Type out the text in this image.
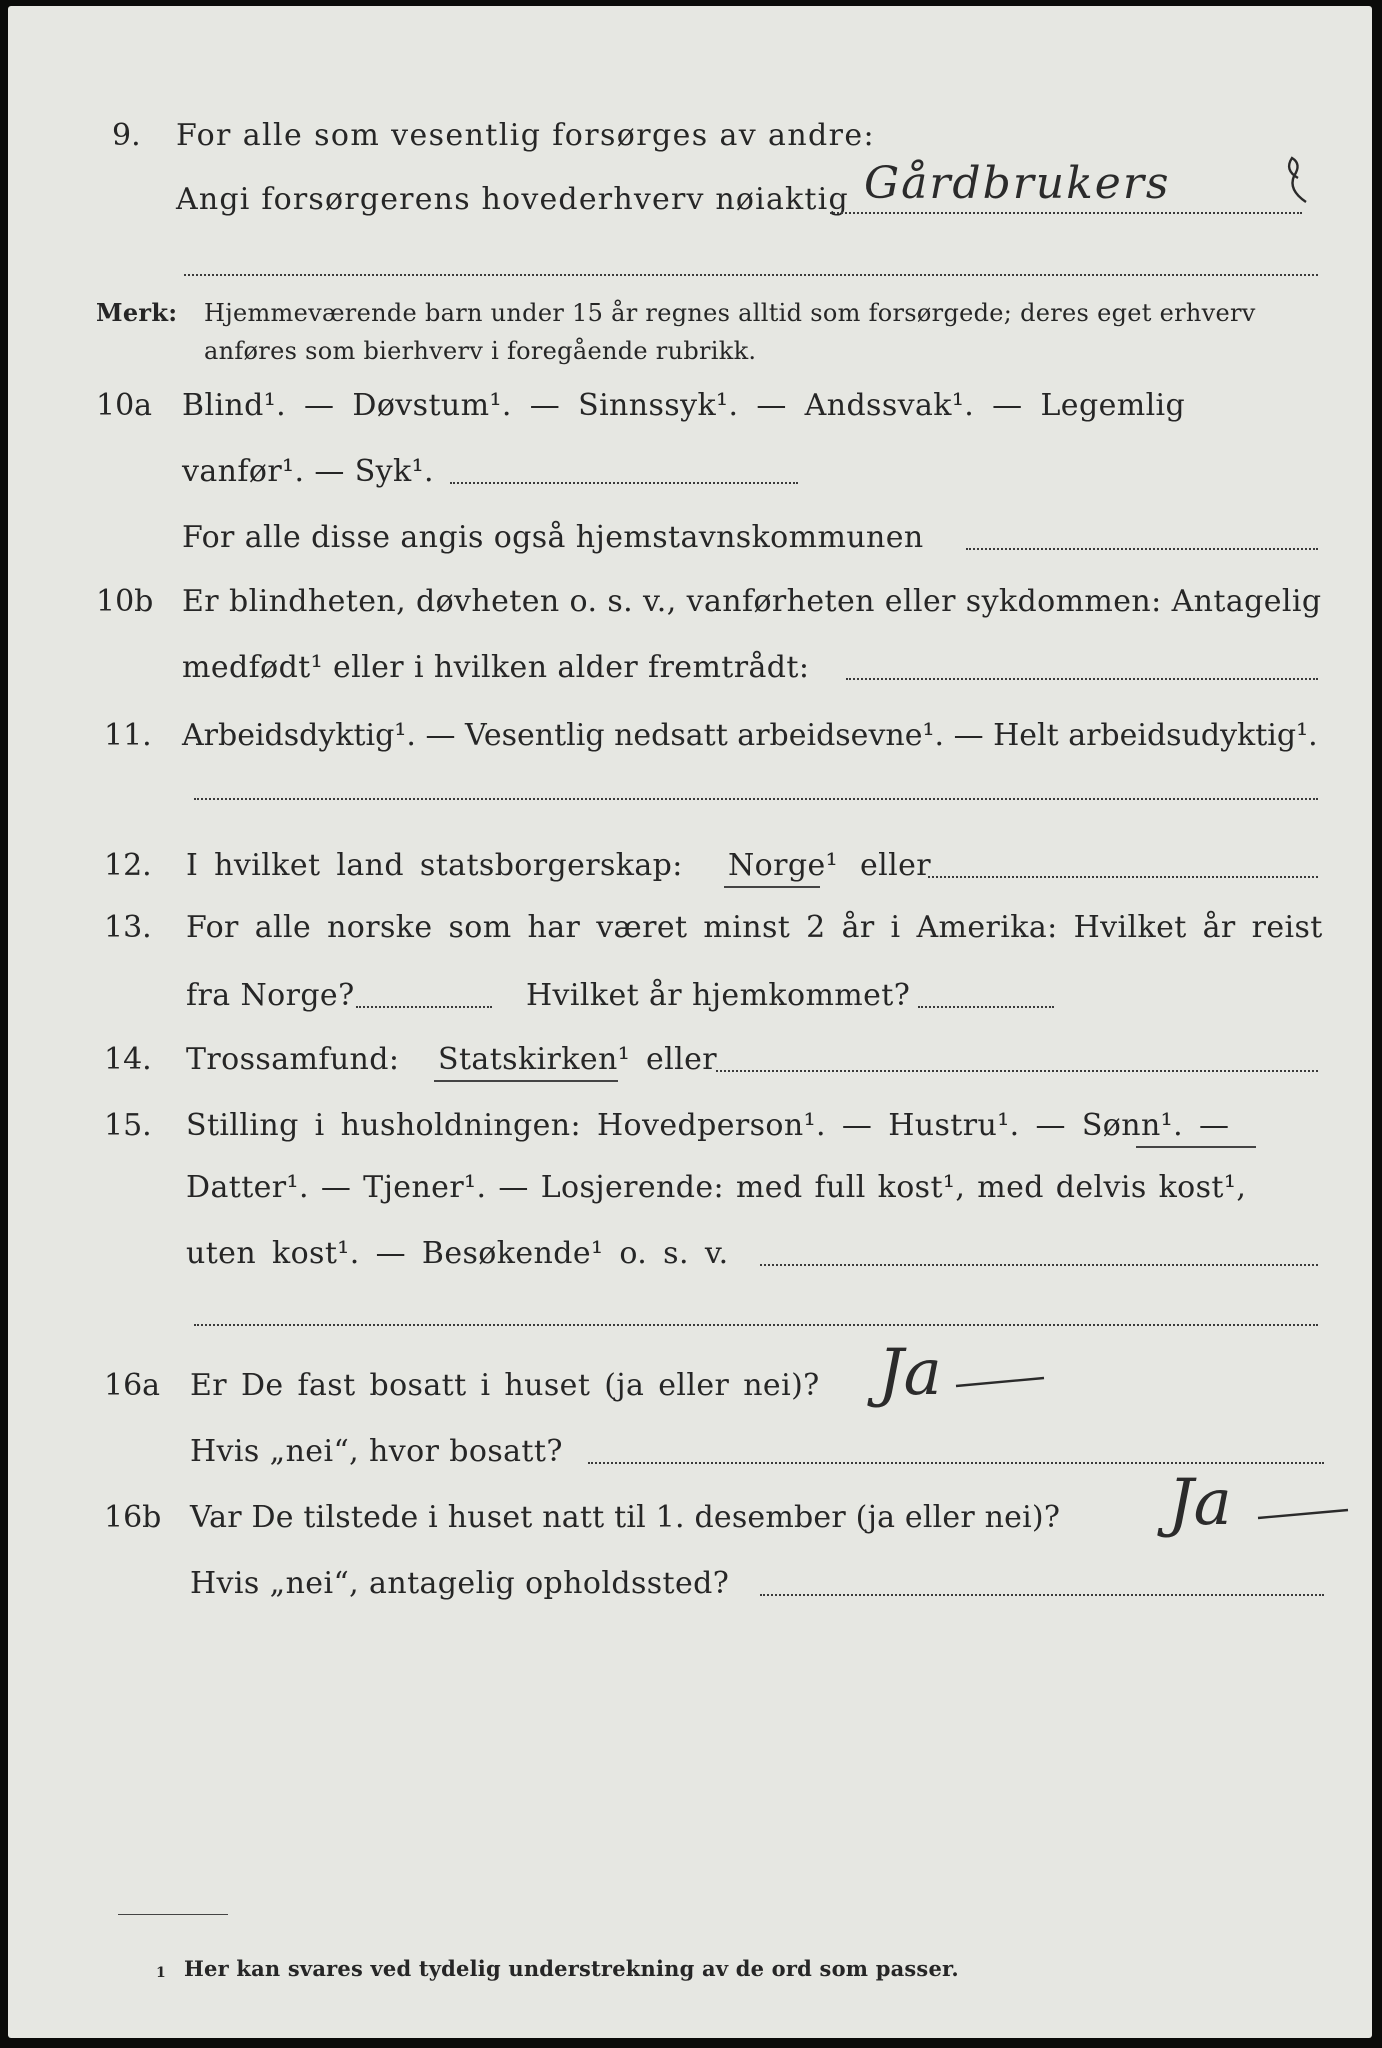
9. For alle som vesentlig forsørges av andre:
Angi forsørgerens hovederhverv nøiaktig Gårdbrukers
Merk: Hjemmeværende barn under 15 år regnes alltid som forsørgede; deres eget erhverv
anføres som bierhverv i foregående rubrikk.
10a Blind¹. — Døvstum¹. — Sinnssyk¹. — Andssvak¹. — Legemlig
vanfør¹. — Syk¹.
For alle disse angis også hjemstavnskommunen
10b Er blindheten, døvheten o. s. v., vanførheten eller sykdommen: Antagelig
medfødt¹ eller i hvilken alder fremtrådt:
11. Arbeidsdyktig¹. — Vesentlig nedsatt arbeidsevne¹. — Helt arbeidsudyktig¹.
12. I hvilket land statsborgerskap: Norge¹ eller
13. For alle norske som har været minst 2 år i Amerika: Hvilket år reist
fra Norge?	Hvilket år hjemkommet?
14. Trossamfund: Statskirken¹ eller
15. Stilling i husholdningen: Hovedperson¹. — Hustru¹. — Sønn¹. —
Datter¹. — Tjener¹. — Losjerende: med full kost¹, med delvis kost¹,
uten kost¹. — Besøkende¹ o. s. v.
16a Er De fast bosatt i huset (ja eller nei)? Ja
Hvis „nei“, hvor bosatt?
16b Var De tilstede i huset natt til 1. desember (ja eller nei)? Ja
Hvis „nei“, antagelig opholdssted?
1 Her kan svares ved tydelig understrekning av de ord som passer.
